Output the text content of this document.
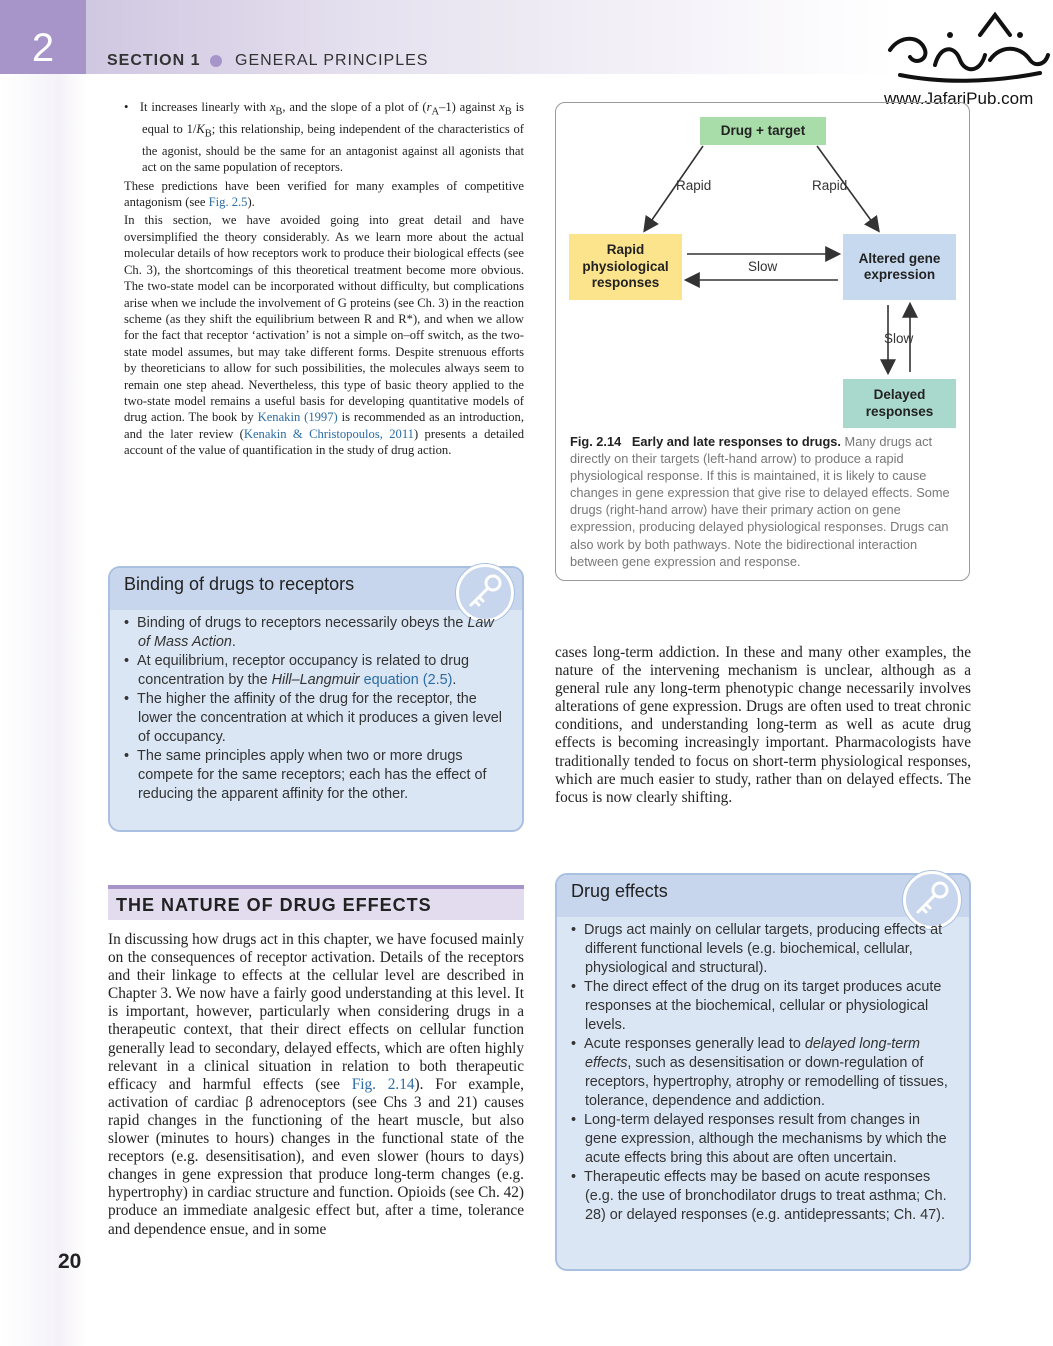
2	SECTION 1 GENERAL PRINCIPLES
www.JafariPub.com

•   It increases linearly with $x_B$, and the slope of a plot of $(r_A-1)$ against $x_B$ is equal to $1/K_B$; this relationship, being independent of the characteristics of the agonist, should be the same for an antagonist against all agonists that act on the same population of receptors.

These predictions have been verified for many examples of competitive antagonism (see Fig. 2.5).

In this section, we have avoided going into great detail and have oversimplified the theory considerably. As we learn more about the actual molecular details of how receptors work to produce their biological effects (see Ch. 3), the shortcomings of this theoretical treatment become more obvious. The two-state model can be incorporated without difficulty, but complications arise when we include the involvement of G proteins (see Ch. 3) in the reaction scheme (as they shift the equilibrium between R and R*), and when we allow for the fact that receptor ‘activation’ is not a simple on–off switch, as the two-state model assumes, but may take different forms. Despite strenuous efforts by theoreticians to allow for such possibilities, the molecules always seem to remain one step ahead. Nevertheless, this type of basic theory applied to the two-state model remains a useful basis for developing quantitative models of drug action. The book by Kenakin (1997) is recommended as an introduction, and the later review (Kenakin & Christopoulos, 2011) presents a detailed account of the value of quantification in the study of drug action.

Binding of drugs to receptors
•  Binding of drugs to receptors necessarily obeys the Law of Mass Action.
•  At equilibrium, receptor occupancy is related to drug concentration by the Hill–Langmuir equation (2.5).
•  The higher the affinity of the drug for the receptor, the lower the concentration at which it produces a given level of occupancy.
•  The same principles apply when two or more drugs compete for the same receptors; each has the effect of reducing the apparent affinity for the other.
Drug + target
Rapid physiological responses
Altered gene expression
Delayed responses
Rapid	Rapid
Slow
Slow
Fig. 2.14 Early and late responses to drugs. Many drugs act directly on their targets (left-hand arrow) to produce a rapid physiological response. If this is maintained, it is likely to cause changes in gene expression that give rise to delayed effects. Some drugs (right-hand arrow) have their primary action on gene expression, producing delayed physiological responses. Drugs can also work by both pathways. Note the bidirectional interaction between gene expression and response.

cases long-term addiction. In these and many other examples, the nature of the intervening mechanism is unclear, although as a general rule any long-term phenotypic change necessarily involves alterations of gene expression. Drugs are often used to treat chronic conditions, and understanding long-term as well as acute drug effects is becoming increasingly important. Pharmacologists have traditionally tended to focus on short-term physiological responses, which are much easier to study, rather than on delayed effects. The focus is now clearly shifting.

THE NATURE OF DRUG EFFECTS

In discussing how drugs act in this chapter, we have focused mainly on the consequences of receptor activation. Details of the receptors and their linkage to effects at the cellular level are described in Chapter 3. We now have a fairly good understanding at this level. It is important, however, particularly when considering drugs in a therapeutic context, that their direct effects on cellular function generally lead to secondary, delayed effects, which are often highly relevant in a clinical situation in relation to both therapeutic efficacy and harmful effects (see Fig. 2.14). For example, activation of cardiac β adrenoceptors (see Chs 3 and 21) causes rapid changes in the functioning of the heart muscle, but also slower (minutes to hours) changes in the functional state of the receptors (e.g. desensitisation), and even slower (hours to days) changes in gene expression that produce long-term changes (e.g. hypertrophy) in cardiac structure and function. Opioids (see Ch. 42) produce an immediate analgesic effect but, after a time, tolerance and dependence ensue, and in some

Drug effects
•  Drugs act mainly on cellular targets, producing effects at different functional levels (e.g. biochemical, cellular, physiological and structural).
•  The direct effect of the drug on its target produces acute responses at the biochemical, cellular or physiological levels.
•  Acute responses generally lead to delayed long-term effects, such as desensitisation or down-regulation of receptors, hypertrophy, atrophy or remodelling of tissues, tolerance, dependence and addiction.
•  Long-term delayed responses result from changes in gene expression, although the mechanisms by which the acute effects bring this about are often uncertain.
•  Therapeutic effects may be based on acute responses (e.g. the use of bronchodilator drugs to treat asthma; Ch. 28) or delayed responses (e.g. antidepressants; Ch. 47).
20
